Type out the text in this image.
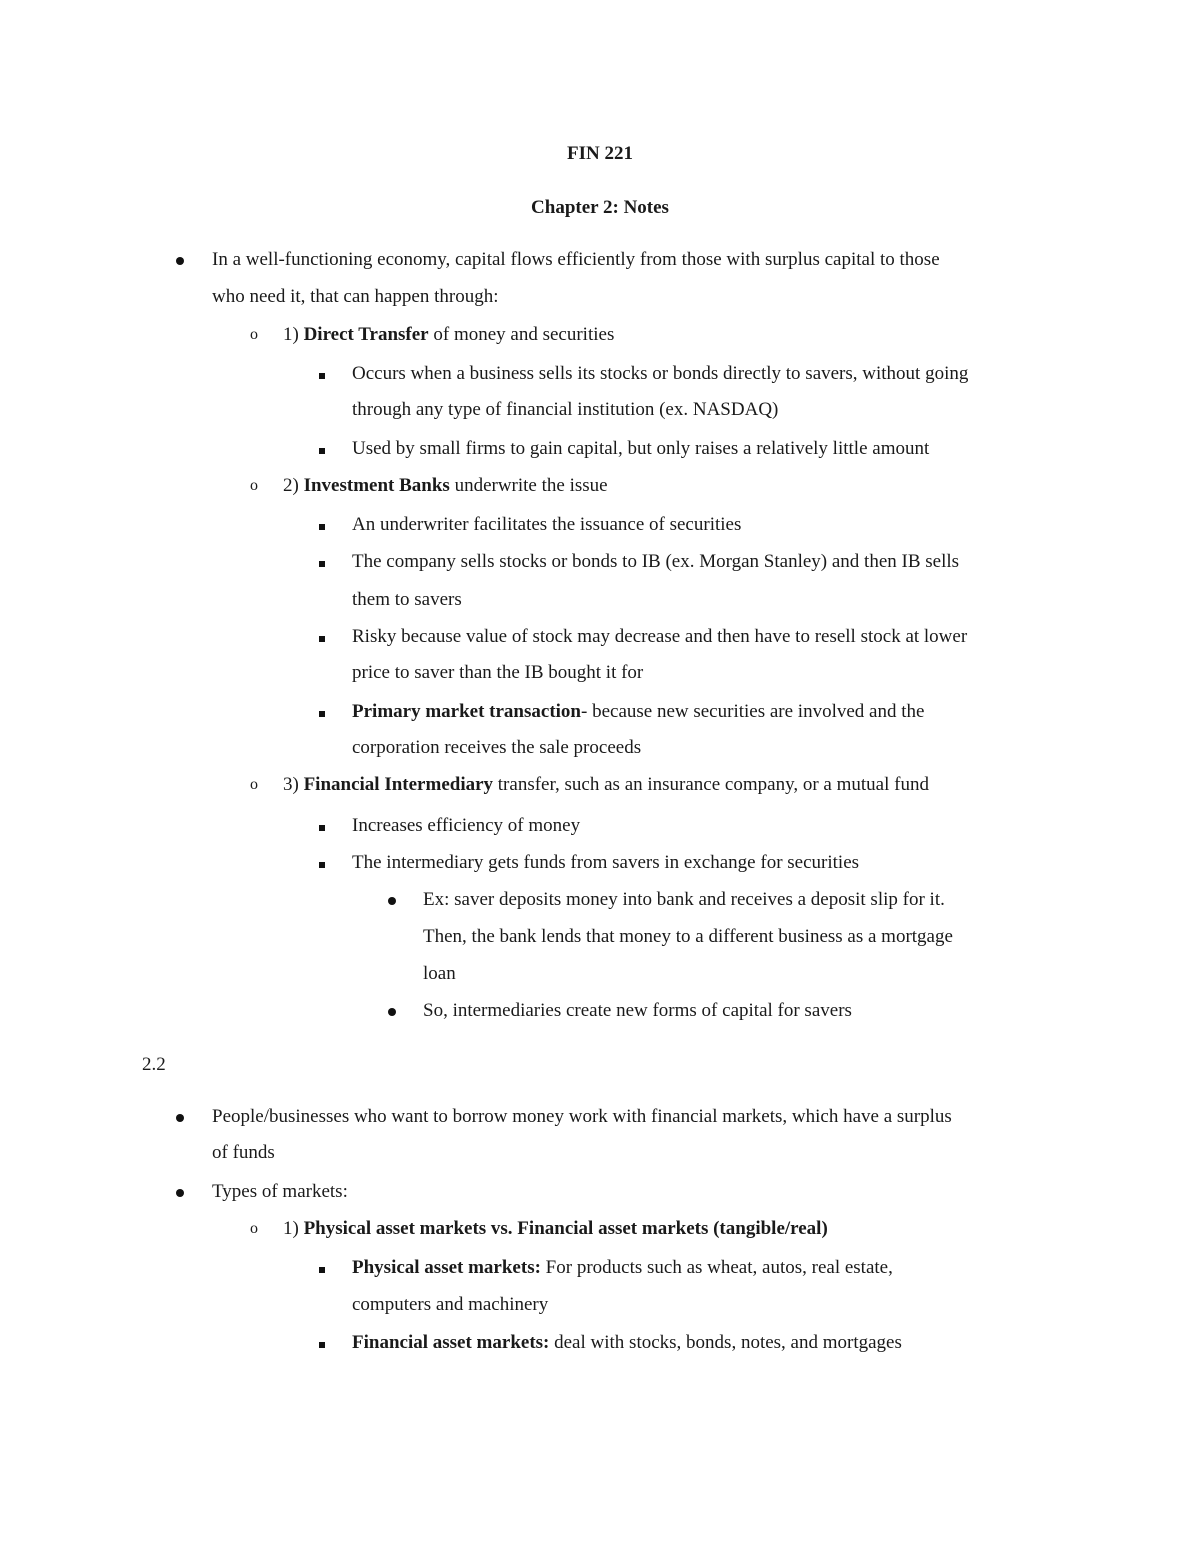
FIN 221
Chapter 2: Notes
In a well-functioning economy, capital flows efficiently from those with surplus capital to those
who need it, that can happen through:
o 1) Direct Transfer of money and securities
Occurs when a business sells its stocks or bonds directly to savers, without going
through any type of financial institution (ex. NASDAQ)
Used by small firms to gain capital, but only raises a relatively little amount
o 2) Investment Banks underwrite the issue
An underwriter facilitates the issuance of securities
The company sells stocks or bonds to IB (ex. Morgan Stanley) and then IB sells
them to savers
Risky because value of stock may decrease and then have to resell stock at lower
price to saver than the IB bought it for
Primary market transaction- because new securities are involved and the
corporation receives the sale proceeds
o 3) Financial Intermediary transfer, such as an insurance company, or a mutual fund
Increases efficiency of money
The intermediary gets funds from savers in exchange for securities
Ex: saver deposits money into bank and receives a deposit slip for it.
Then, the bank lends that money to a different business as a mortgage
loan
So, intermediaries create new forms of capital for savers
2.2
People/businesses who want to borrow money work with financial markets, which have a surplus
of funds
Types of markets:
o 1) Physical asset markets vs. Financial asset markets (tangible/real)
Physical asset markets: For products such as wheat, autos, real estate,
computers and machinery
Financial asset markets: deal with stocks, bonds, notes, and mortgages
